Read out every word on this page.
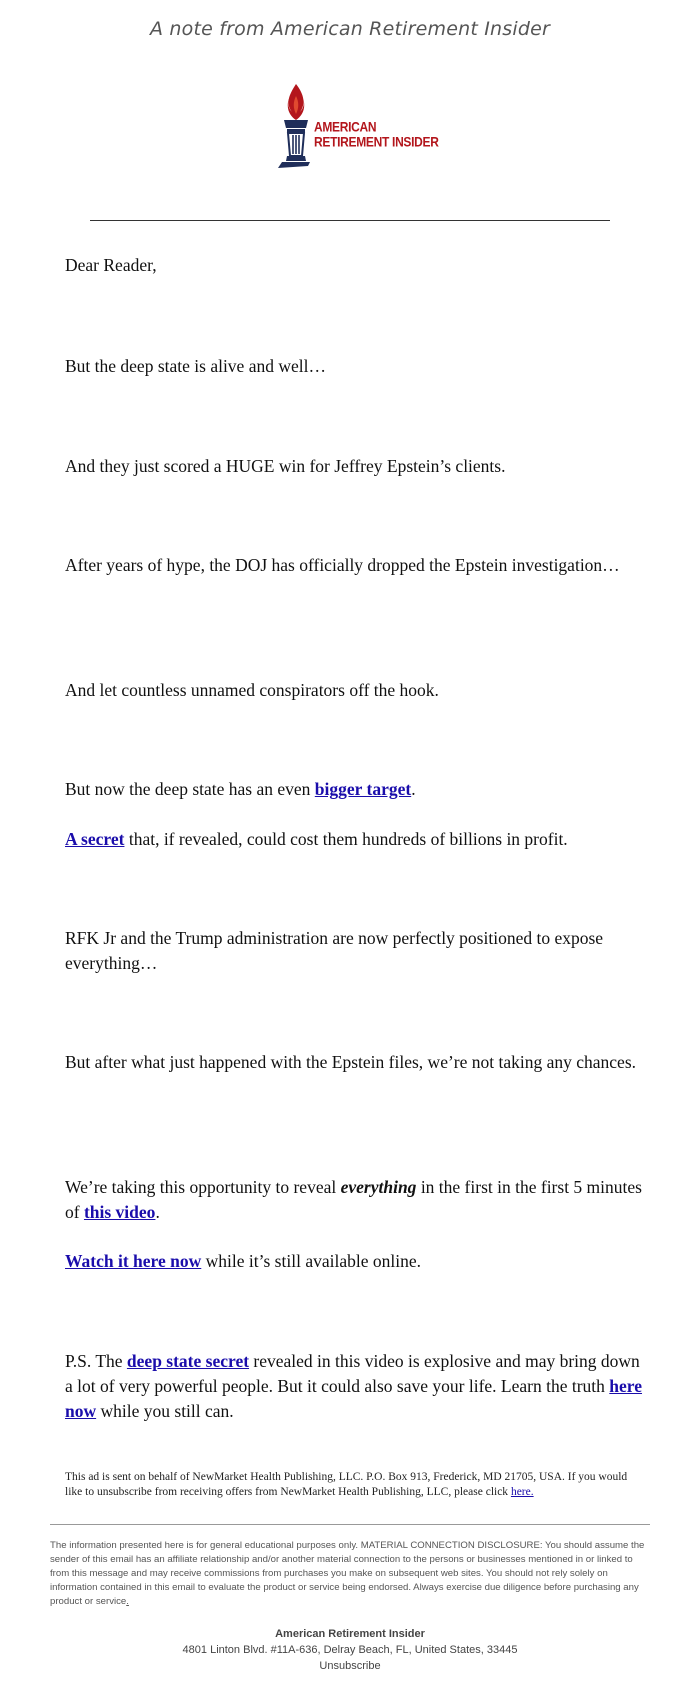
A note from American Retirement Insider
AMERICAN
RETIREMENT INSIDER
Dear Reader,
But the deep state is alive and well…
And they just scored a HUGE win for Jeffrey Epstein’s clients.
After years of hype, the DOJ has officially dropped the Epstein investigation…
And let countless unnamed conspirators off the hook.
But now the deep state has an even bigger target.
A secret that, if revealed, could cost them hundreds of billions in profit.
RFK Jr and the Trump administration are now perfectly positioned to expose everything…
But after what just happened with the Epstein files, we’re not taking any chances.
We’re taking this opportunity to reveal everything in the first in the first 5 minutes of this video.
Watch it here now while it’s still available online.
P.S. The deep state secret revealed in this video is explosive and may bring down a lot of very powerful people. But it could also save your life. Learn the truth here now while you still can.
This ad is sent on behalf of NewMarket Health Publishing, LLC. P.O. Box 913, Frederick, MD 21705, USA. If you would like to unsubscribe from receiving offers from NewMarket Health Publishing, LLC, please click here.
The information presented here is for general educational purposes only. MATERIAL CONNECTION DISCLOSURE: You should assume the sender of this email has an affiliate relationship and/or another material connection to the persons or businesses mentioned in or linked to from this message and may receive commissions from purchases you make on subsequent web sites. You should not rely solely on information contained in this email to evaluate the product or service being endorsed. Always exercise due diligence before purchasing any product or service.
American Retirement Insider
4801 Linton Blvd. #11A-636, Delray Beach, FL, United States, 33445
Unsubscribe
